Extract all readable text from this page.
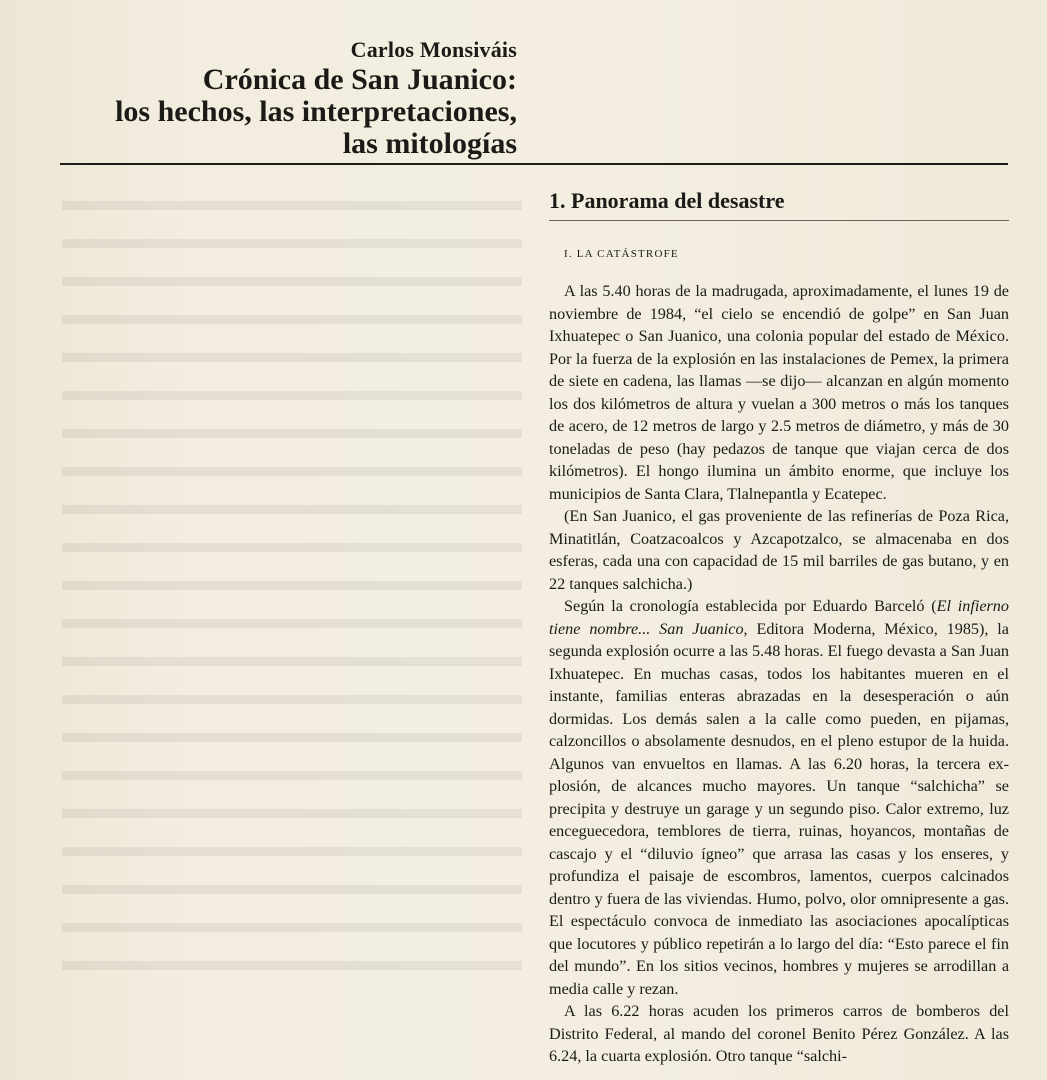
Carlos Monsiváis
Crónica de San Juanico:
los hechos, las interpretaciones,
las mitologías
1. Panorama del desastre
I. LA CATÁSTROFE

A las 5.40 horas de la madrugada, aproximadamente, el lunes 19 de noviembre de 1984, “el cielo se encendió de golpe” en San Juan Ixhuatepec o San Juanico, una colonia popular del estado de México. Por la fuerza de la explosión en las instalaciones de Pemex, la primera de siete en cadena, las llamas —se dijo— alcanzan en algún momento los dos kilómetros de altura y vuelan a 300 metros o más los tanques de acero, de 12 metros de largo y 2.5 metros de diámetro, y más de 30 toneladas de peso (hay pedazos de tanque que viajan cerca de dos kilómetros). El hongo ilumina un ámbito enorme, que incluye los municipios de Santa Clara, Tlalnepantla y Ecatepec.

(En San Juanico, el gas proveniente de las refinerías de Poza Rica, Minatitlán, Coatzacoalcos y Azcapotzalco, se almacenaba en dos esferas, cada una con capacidad de 15 mil barriles de gas butano, y en 22 tanques salchicha.)

Según la cronología establecida por Eduardo Barceló (El infierno tiene nombre... San Juanico, Editora Moderna, México, 1985), la segunda explosión ocurre a las 5.48 horas. El fuego devasta a San Juan Ixhuatepec. En muchas casas, todos los habitantes mueren en el instante, familias enteras abrazadas en la desesperación o aún dormidas. Los demás salen a la calle como pueden, en pijamas, calzoncillos o absolamente desnudos, en el pleno estupor de la huida. Algunos van envueltos en llamas. A las 6.20 horas, la tercera explosión, de alcances mucho mayores. Un tanque “salchicha” se precipita y destruye un garage y un segundo piso. Calor extremo, luz enceguecedora, temblores de tierra, ruinas, hoyancos, montañas de cascajo y el “diluvio ígneo” que arrasa las casas y los enseres, y profundiza el paisaje de escombros, lamentos, cuerpos calcinados dentro y fuera de las viviendas. Humo, polvo, olor omnipresente a gas. El espectáculo convoca de inmediato las asociaciones apocalípticas que locutores y público repetirán a lo largo del día: “Esto parece el fin del mundo”. En los sitios vecinos, hombres y mujeres se arrodillan a media calle y rezan.

A las 6.22 horas acuden los primeros carros de bomberos del Distrito Federal, al mando del coronel Benito Pérez González. A las 6.24, la cuarta explosión. Otro tanque “salchi-
